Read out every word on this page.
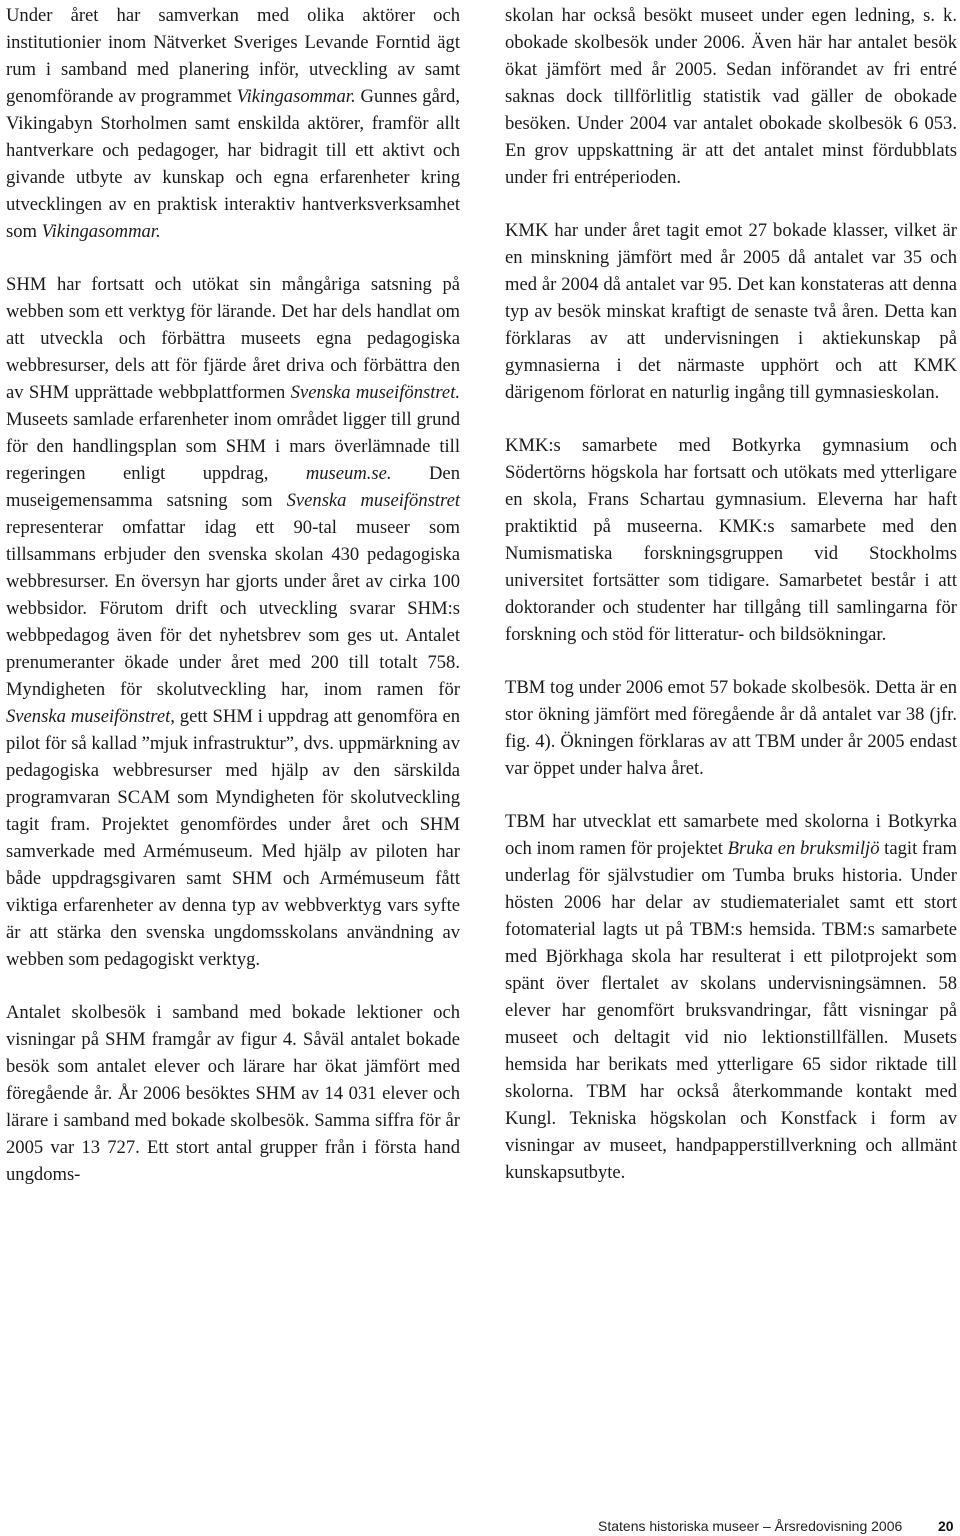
Under året har samverkan med olika aktörer och institutionier inom Nätverket Sveriges Levande Forntid ägt rum i samband med planering inför, utveckling av samt genomförande av programmet Vikingasommar. Gunnes gård, Vikingabyn Storholmen samt enskilda aktörer, framför allt hantverkare och pedagoger, har bidragit till ett aktivt och givande utbyte av kunskap och egna erfarenheter kring utvecklingen av en praktisk interaktiv hantverksverksamhet som Vikingasommar.

SHM har fortsatt och utökat sin mångåriga satsning på webben som ett verktyg för lärande. Det har dels handlat om att utveckla och förbättra museets egna pedagogiska webbresurser, dels att för fjärde året driva och förbättra den av SHM upprättade webbplattformen Svenska museifönstret. Museets samlade erfarenheter inom området ligger till grund för den handlingsplan som SHM i mars överlämnade till regeringen enligt uppdrag, museum.se. Den museigemensamma satsning som Svenska museifönstret representerar omfattar idag ett 90-tal museer som tillsammans erbjuder den svenska skolan 430 pedagogiska webbresurser. En översyn har gjorts under året av cirka 100 webbsidor. Förutom drift och utveckling svarar SHM:s webbpedagog även för det nyhetsbrev som ges ut. Antalet prenumeranter ökade under året med 200 till totalt 758. Myndigheten för skolutveckling har, inom ramen för Svenska museifönstret, gett SHM i uppdrag att genomföra en pilot för så kallad ”mjuk infrastruktur”, dvs. uppmärkning av pedagogiska webbresurser med hjälp av den särskilda programvaran SCAM som Myndigheten för skolutveckling tagit fram. Projektet genomfördes under året och SHM samverkade med Armémuseum. Med hjälp av piloten har både uppdragsgivaren samt SHM och Armémuseum fått viktiga erfarenheter av denna typ av webbverktyg vars syfte är att stärka den svenska ungdomsskolans användning av webben som pedagogiskt verktyg.

Antalet skolbesök i samband med bokade lektioner och visningar på SHM framgår av figur 4. Såväl antalet bokade besök som antalet elever och lärare har ökat jämfört med föregående år. År 2006 besöktes SHM av 14 031 elever och lärare i samband med bokade skolbesök. Samma siffra för år 2005 var 13 727. Ett stort antal grupper från i första hand ungdoms-

skolan har också besökt museet under egen ledning, s. k. obokade skolbesök under 2006. Även här har antalet besök ökat jämfört med år 2005. Sedan införandet av fri entré saknas dock tillförlitlig statistik vad gäller de obokade besöken. Under 2004 var antalet obokade skolbesök 6 053. En grov uppskattning är att det antalet minst fördubblats under fri entréperioden.

KMK har under året tagit emot 27 bokade klasser, vilket är en minskning jämfört med år 2005 då antalet var 35 och med år 2004 då antalet var 95. Det kan konstateras att denna typ av besök minskat kraftigt de senaste två åren. Detta kan förklaras av att undervisningen i aktiekunskap på gymnasierna i det närmaste upphört och att KMK därigenom förlorat en naturlig ingång till gymnasieskolan.

KMK:s samarbete med Botkyrka gymnasium och Södertörns högskola har fortsatt och utökats med ytterligare en skola, Frans Schartau gymnasium. Eleverna har haft praktiktid på museerna. KMK:s samarbete med den Numismatiska forskningsgruppen vid Stockholms universitet fortsätter som tidigare. Samarbetet består i att doktorander och studenter har tillgång till samlingarna för forskning och stöd för litteratur- och bildsökningar.

TBM tog under 2006 emot 57 bokade skolbesök. Detta är en stor ökning jämfört med föregående år då antalet var 38 (jfr. fig. 4). Ökningen förklaras av att TBM under år 2005 endast var öppet under halva året.

TBM har utvecklat ett samarbete med skolorna i Botkyrka och inom ramen för projektet Bruka en bruksmiljö tagit fram underlag för självstudier om Tumba bruks historia. Under hösten 2006 har delar av studiematerialet samt ett stort fotomaterial lagts ut på TBM:s hemsida. TBM:s samarbete med Björkhaga skola har resulterat i ett pilotprojekt som spänt över flertalet av skolans undervisningsämnen. 58 elever har genomfört bruksvandringar, fått visningar på museet och deltagit vid nio lektionstillfällen. Musets hemsida har berikats med ytterligare 65 sidor riktade till skolorna. TBM har också återkommande kontakt med Kungl. Tekniska högskolan och Konstfack i form av visningar av museet, handpapperstillverkning och allmänt kunskapsutbyte.

Statens historiska museer – Årsredovisning 2006	20
